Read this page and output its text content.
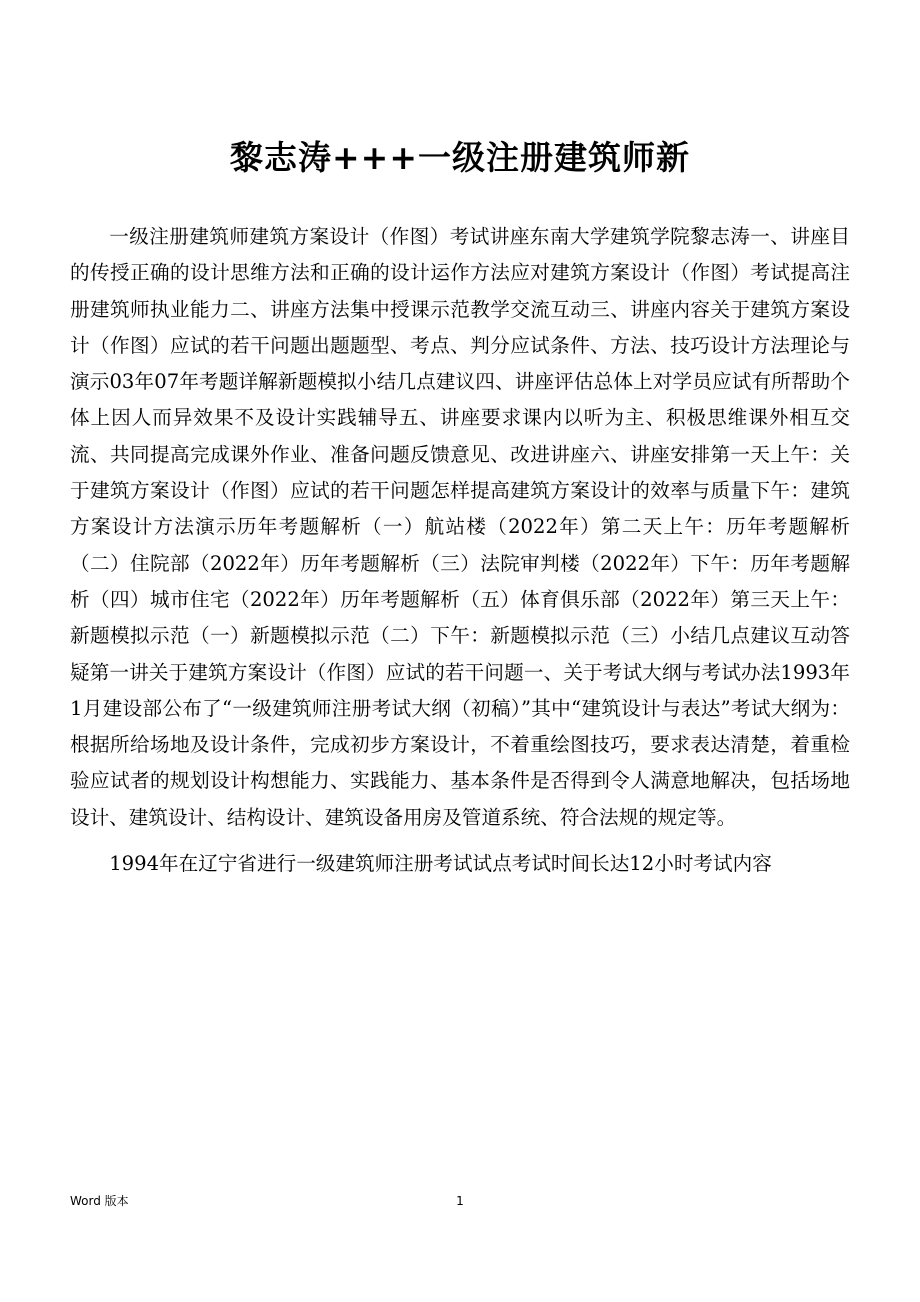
黎志涛+++一级注册建筑师新

一级注册建筑师建筑方案设计（作图）考试讲座东南大学建筑学院黎志涛一、讲座目的传授正确的设计思维方法和正确的设计运作方法应对建筑方案设计（作图）考试提高注册建筑师执业能力二、讲座方法集中授课示范教学交流互动三、讲座内容关于建筑方案设计（作图）应试的若干问题出题题型、考点、判分应试条件、方法、技巧设计方法理论与演示03年07年考题详解新题模拟小结几点建议四、讲座评估总体上对学员应试有所帮助个体上因人而异效果不及设计实践辅导五、讲座要求课内以听为主、积极思维课外相互交流、共同提高完成课外作业、准备问题反馈意见、改进讲座六、讲座安排第一天上午：关于建筑方案设计（作图）应试的若干问题怎样提高建筑方案设计的效率与质量下午：建筑方案设计方法演示历年考题解析（一）航站楼（2022年）第二天上午：历年考题解析（二）住院部（2022年）历年考题解析（三）法院审判楼（2022年）下午：历年考题解析（四）城市住宅（2022年）历年考题解析（五）体育俱乐部（2022年）第三天上午：新题模拟示范（一）新题模拟示范（二）下午：新题模拟示范（三）小结几点建议互动答疑第一讲关于建筑方案设计（作图）应试的若干问题一、关于考试大纲与考试办法1993年1月建设部公布了“一级建筑师注册考试大纲（初稿）”其中“建筑设计与表达”考试大纲为：根据所给场地及设计条件，完成初步方案设计，不着重绘图技巧，要求表达清楚，着重检验应试者的规划设计构想能力、实践能力、基本条件是否得到令人满意地解决，包括场地设计、建筑设计、结构设计、建筑设备用房及管道系统、符合法规的规定等。

1994年在辽宁省进行一级建筑师注册考试试点考试时间长达12小时考试内容

Word 版本	1
